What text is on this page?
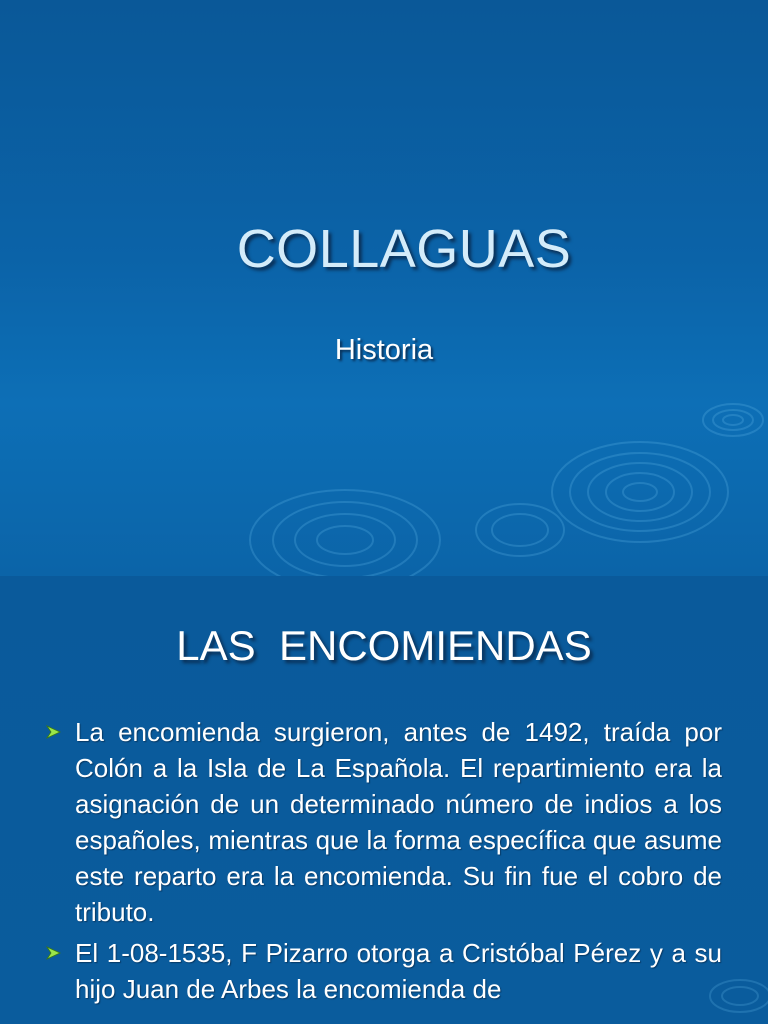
COLLAGUAS
Historia
LAS  ENCOMIENDAS
La encomienda surgieron, antes de 1492, traída por Colón a la Isla de La Española. El repartimiento era la asignación de un determinado número de indios a los españoles, mientras que la forma específica que asume este reparto era la encomienda. Su fin fue el cobro de tributo.
El 1-08-1535, F Pizarro otorga a Cristóbal Pérez y a su hijo Juan de Arbes la encomienda de
